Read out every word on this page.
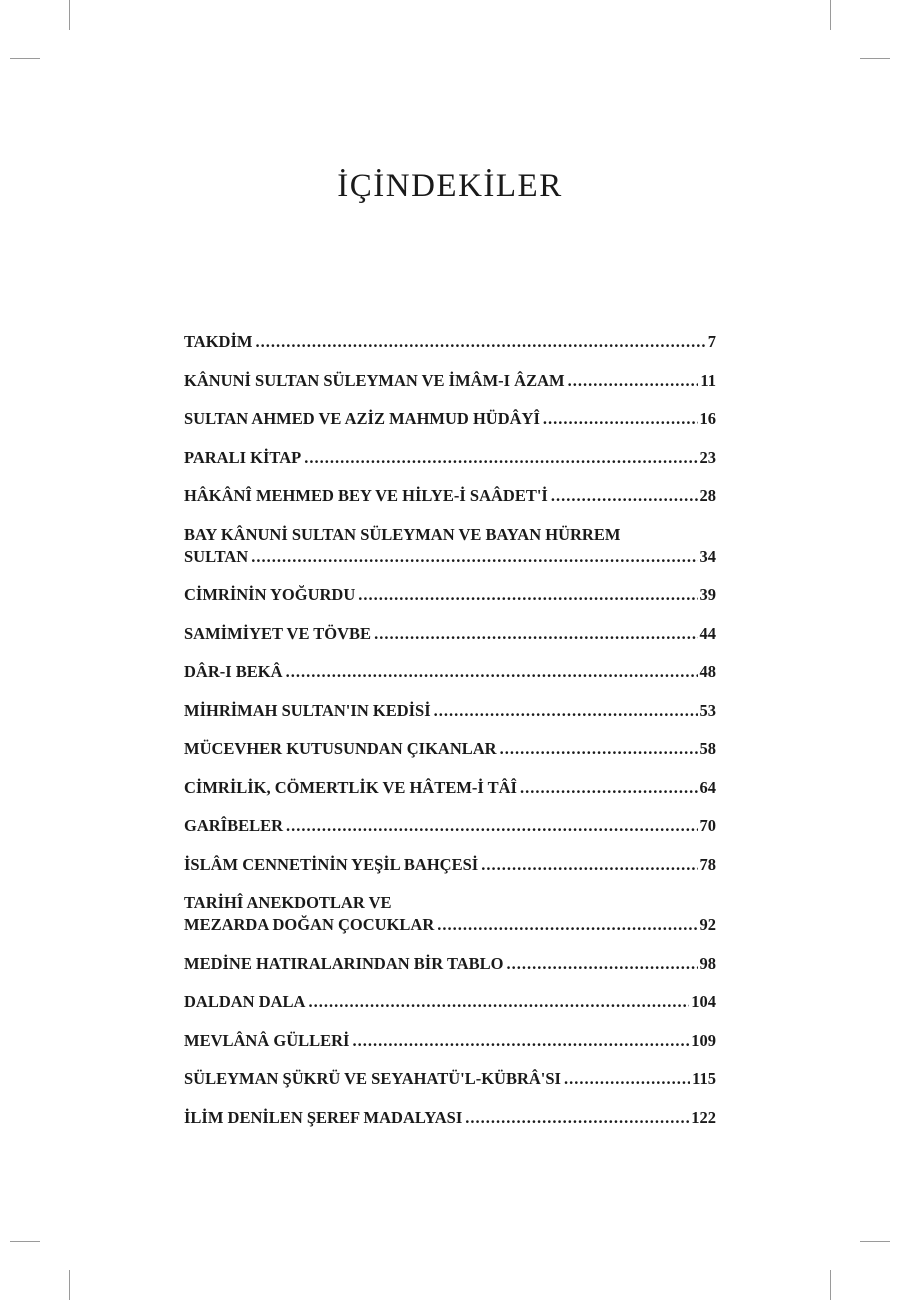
İÇİNDEKİLER
TAKDİM .....	7
KÂNUNİ SULTAN SÜLEYMAN VE İMÂM-I ÂZAM .....	11
SULTAN AHMED VE AZİZ MAHMUD HÜDÂYÎ .....	16
PARALI KİTAP .....	23
HÂKÂNÎ MEHMED BEY VE HİLYE-İ SAÂDET'İ .....	28
BAY KÂNUNİ SULTAN SÜLEYMAN VE BAYAN HÜRREM
SULTAN .....	34
CİMRİNİN YOĞURDU .....	39
SAMİMİYET VE TÖVBE .....	44
DÂR-I BEKÂ .....	48
MİHRİMAH SULTAN'IN KEDİSİ .....	53
MÜCEVHER KUTUSUNDAN ÇIKANLAR .....	58
CİMRİLİK, CÖMERTLİK VE HÂTEM-İ TÂÎ .....	64
GARÎBELER .....	70
İSLÂM CENNETİNİN YEŞİL BAHÇESİ .....	78
TARİHÎ ANEKDOTLAR VE
MEZARDA DOĞAN ÇOCUKLAR .....	92
MEDİNE HATIRALARINDAN BİR TABLO .....	98
DALDAN DALA .....	104
MEVLÂNÂ GÜLLERİ .....	109
SÜLEYMAN ŞÜKRÜ VE SEYAHATÜ'L-KÜBRÂ'SI .....	115
İLİM DENİLEN ŞEREF MADALYASI .....	122
